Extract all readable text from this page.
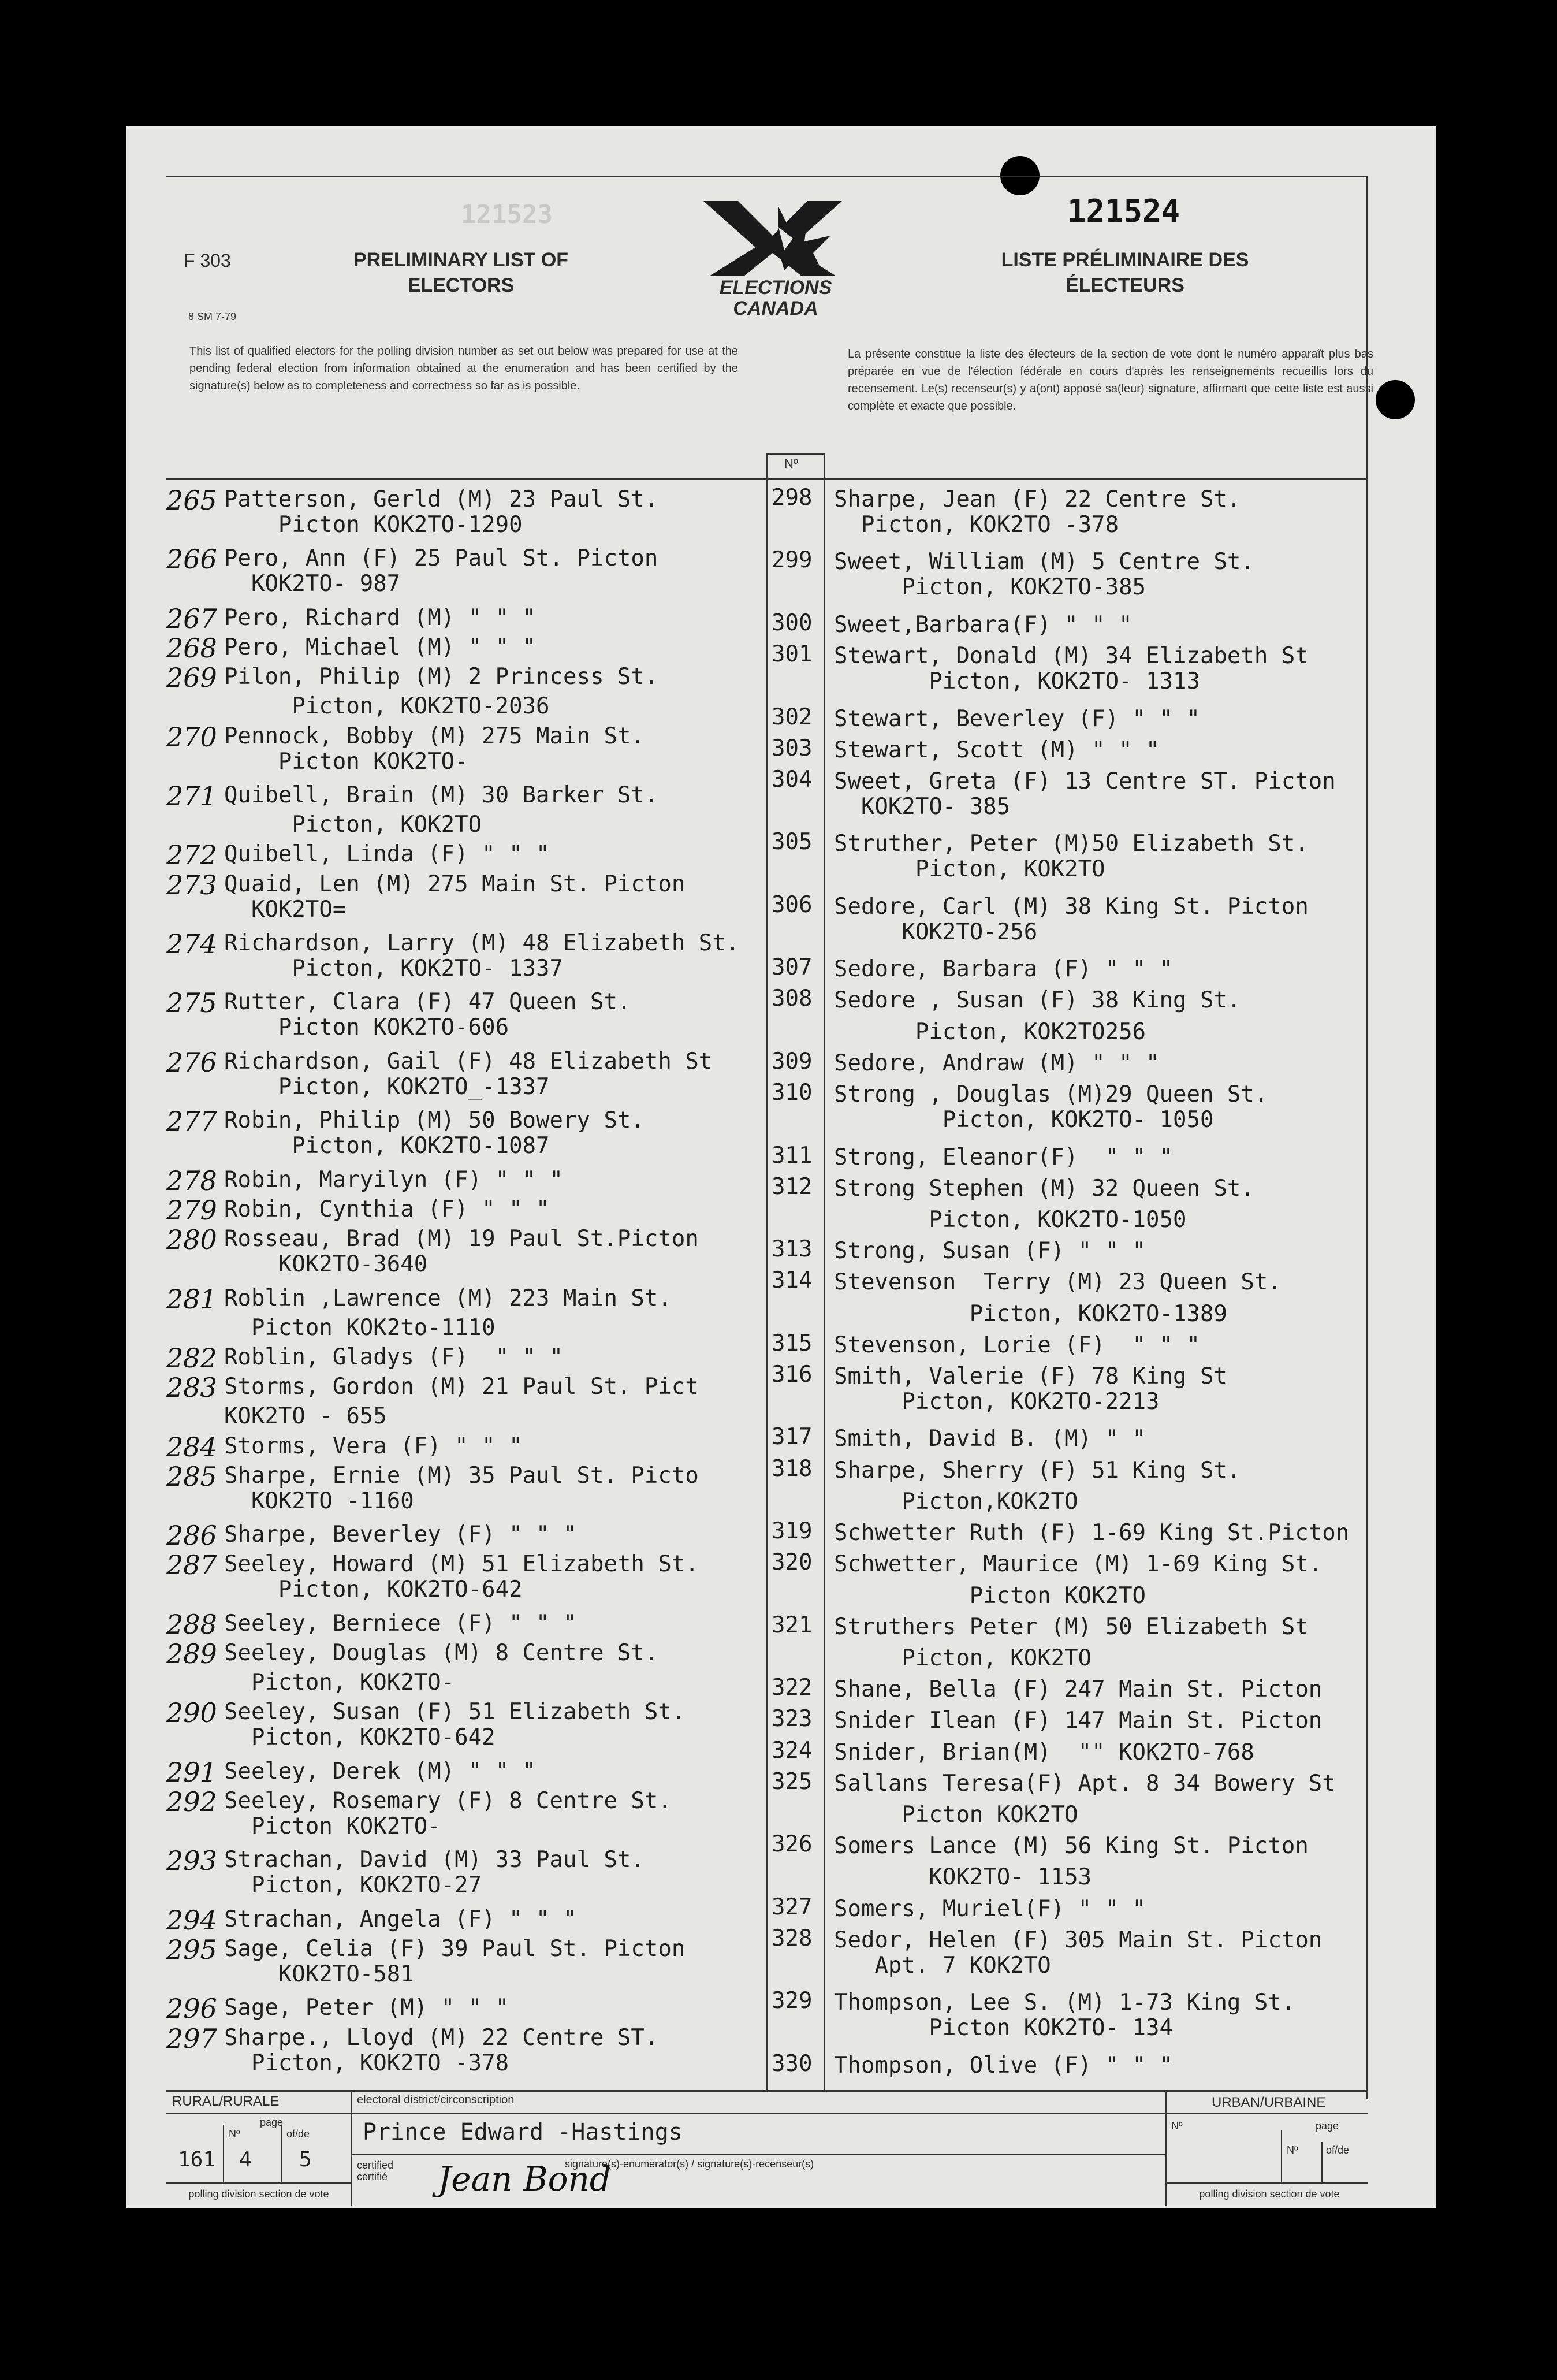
F 303
8 SM 7-79
PRELIMINARY LIST OF
ELECTORS
121523
ELECTIONS
CANADA
121524
LISTE PRÉLIMINAIRE DES
ÉLECTEURS
This list of qualified electors for the polling division number as set out below was prepared for use at the pending federal election from information obtained at the enumeration and has been certified by the signature(s) below as to completeness and correctness so far as is possible.
La présente constitue la liste des électeurs de la section de vote dont le numéro apparaît plus bas préparée en vue de l'élection fédérale en cours d'après les renseignements recueillis lors du recensement. Le(s) recenseur(s) y a(ont) apposé sa(leur) signature, affirmant que cette liste est aussi complète et exacte que possible.
Nº
265 Patterson, Gerld (M) 23 Paul St.
Picton KOK2TO-1290
266 Pero, Ann (F) 25 Paul St. Picton
KOK2TO- 987
267 Pero, Richard (M) " " "
268 Pero, Michael (M) " " "
269 Pilon, Philip (M) 2 Princess St.
Picton, KOK2TO-2036
270 Pennock, Bobby (M) 275 Main St.
Picton KOK2TO-
271 Quibell, Brain (M) 30 Barker St.
Picton, KOK2TO
272 Quibell, Linda (F) " " "
273 Quaid, Len (M) 275 Main St. Picton
KOK2TO=
274 Richardson, Larry (M) 48 Elizabeth St.
Picton, KOK2TO- 1337
275 Rutter, Clara (F) 47 Queen St.
Picton KOK2TO-606
276 Richardson, Gail (F) 48 Elizabeth St
Picton, KOK2TO_-1337
277 Robin, Philip (M) 50 Bowery St.
Picton, KOK2TO-1087
278 Robin, Maryilyn (F) " " "
279 Robin, Cynthia (F) " " "
280 Rosseau, Brad (M) 19 Paul St.Picton
KOK2TO-3640
281 Roblin ,Lawrence (M) 223 Main St.
Picton KOK2to-1110
282 Roblin, Gladys (F)  " " "
283 Storms, Gordon (M) 21 Paul St. Pict
KOK2TO - 655
284 Storms, Vera (F) " " "
285 Sharpe, Ernie (M) 35 Paul St. Picto
KOK2TO -1160
286 Sharpe, Beverley (F) " " "
287 Seeley, Howard (M) 51 Elizabeth St.
Picton, KOK2TO-642
288 Seeley, Berniece (F) " " "
289 Seeley, Douglas (M) 8 Centre St.
Picton, KOK2TO-
290 Seeley, Susan (F) 51 Elizabeth St.
Picton, KOK2TO-642
291 Seeley, Derek (M) " " "
292 Seeley, Rosemary (F) 8 Centre St.
Picton KOK2TO-
293 Strachan, David (M) 33 Paul St.
Picton, KOK2TO-27
294 Strachan, Angela (F) " " "
295 Sage, Celia (F) 39 Paul St. Picton
KOK2TO-581
296 Sage, Peter (M) " " "
297 Sharpe., Lloyd (M) 22 Centre ST.
Picton, KOK2TO -378
298 Sharpe, Jean (F) 22 Centre St.
Picton, KOK2TO -378
299 Sweet, William (M) 5 Centre St.
Picton, KOK2TO-385
300 Sweet,Barbara(F) " " "
301 Stewart, Donald (M) 34 Elizabeth St
Picton, KOK2TO- 1313
302 Stewart, Beverley (F) " " "
303 Stewart, Scott (M) " " "
304 Sweet, Greta (F) 13 Centre ST. Picton
KOK2TO- 385
305 Struther, Peter (M)50 Elizabeth St.
Picton, KOK2TO
306 Sedore, Carl (M) 38 King St. Picton
KOK2TO-256
307 Sedore, Barbara (F) " " "
308 Sedore , Susan (F) 38 King St.
Picton, KOK2TO256
309 Sedore, Andraw (M) " " "
310 Strong , Douglas (M)29 Queen St.
Picton, KOK2TO- 1050
311 Strong, Eleanor(F)  " " "
312 Strong Stephen (M) 32 Queen St.
Picton, KOK2TO-1050
313 Strong, Susan (F) " " "
314 Stevenson  Terry (M) 23 Queen St.
Picton, KOK2TO-1389
315 Stevenson, Lorie (F)  " " "
316 Smith, Valerie (F) 78 King St
Picton, KOK2TO-2213
317 Smith, David B. (M) " "
318 Sharpe, Sherry (F) 51 King St.
Picton,KOK2TO
319 Schwetter Ruth (F) 1-69 King St.Picton
320 Schwetter, Maurice (M) 1-69 King St.
Picton KOK2TO
321 Struthers Peter (M) 50 Elizabeth St
Picton, KOK2TO
322 Shane, Bella (F) 247 Main St. Picton
323 Snider Ilean (F) 147 Main St. Picton
324 Snider, Brian(M)  "" KOK2TO-768
325 Sallans Teresa(F) Apt. 8 34 Bowery St
Picton KOK2TO
326 Somers Lance (M) 56 King St. Picton
KOK2TO- 1153
327 Somers, Muriel(F) " " "
328 Sedor, Helen (F) 305 Main St. Picton
Apt. 7 KOK2TO
329 Thompson, Lee S. (M) 1-73 King St.
Picton KOK2TO- 134
330 Thompson, Olive (F) " " "
RURAL/RURALE	URBAN/URBAINE
page	page
Nº
Nº	of/de
Nº	of/de
161 4 5
polling division section de vote	polling division section de vote
electoral district/circonscription
Prince Edward -Hastings
certified certifié
signature(s)-enumerator(s) / signature(s)-recenseur(s)
Jean Bond
